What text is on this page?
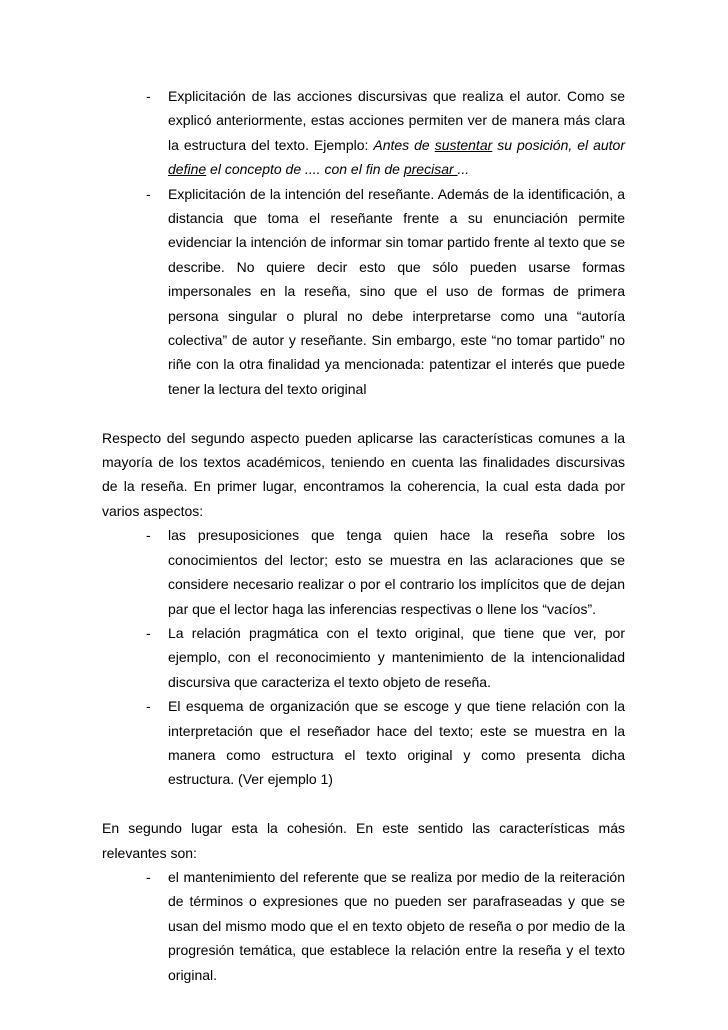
- Explicitación de las acciones discursivas que realiza el autor. Como se explicó anteriormente, estas acciones permiten ver de manera más clara la estructura del texto. Ejemplo: Antes de sustentar su posición, el autor define el concepto de .... con el fin de precisar ...

- Explicitación de la intención del reseñante. Además de la identificación, a distancia que toma el reseñante frente a su enunciación permite evidenciar la intención de informar sin tomar partido frente al texto que se describe. No quiere decir esto que sólo pueden usarse formas impersonales en la reseña, sino que el uso de formas de primera persona singular o plural no debe interpretarse como una “autoría colectiva” de autor y reseñante. Sin embargo, este “no tomar partido” no riñe con la otra finalidad ya mencionada: patentizar el interés que puede tener la lectura del texto original

Respecto del segundo aspecto pueden aplicarse las características comunes a la mayoría de los textos académicos, teniendo en cuenta las finalidades discursivas de la reseña. En primer lugar, encontramos la coherencia, la cual esta dada por varios aspectos:

- las presuposiciones que tenga quien hace la reseña sobre los conocimientos del lector; esto se muestra en las aclaraciones que se considere necesario realizar o por el contrario los implícitos que de dejan par que el lector haga las inferencias respectivas o llene los “vacíos”.

- La relación pragmática con el texto original, que tiene que ver, por ejemplo, con el reconocimiento y mantenimiento de la intencionalidad discursiva que caracteriza el texto objeto de reseña.

- El esquema de organización que se escoge y que tiene relación con la interpretación que el reseñador hace del texto; este se muestra en la manera como estructura el texto original y como presenta dicha estructura. (Ver ejemplo 1)

En segundo lugar esta la cohesión. En este sentido las características más relevantes son:

- el mantenimiento del referente que se realiza por medio de la reiteración de términos o expresiones que no pueden ser parafraseadas y que se usan del mismo modo que el en texto objeto de reseña o por medio de la progresión temática, que establece la relación entre la reseña y el texto original.
